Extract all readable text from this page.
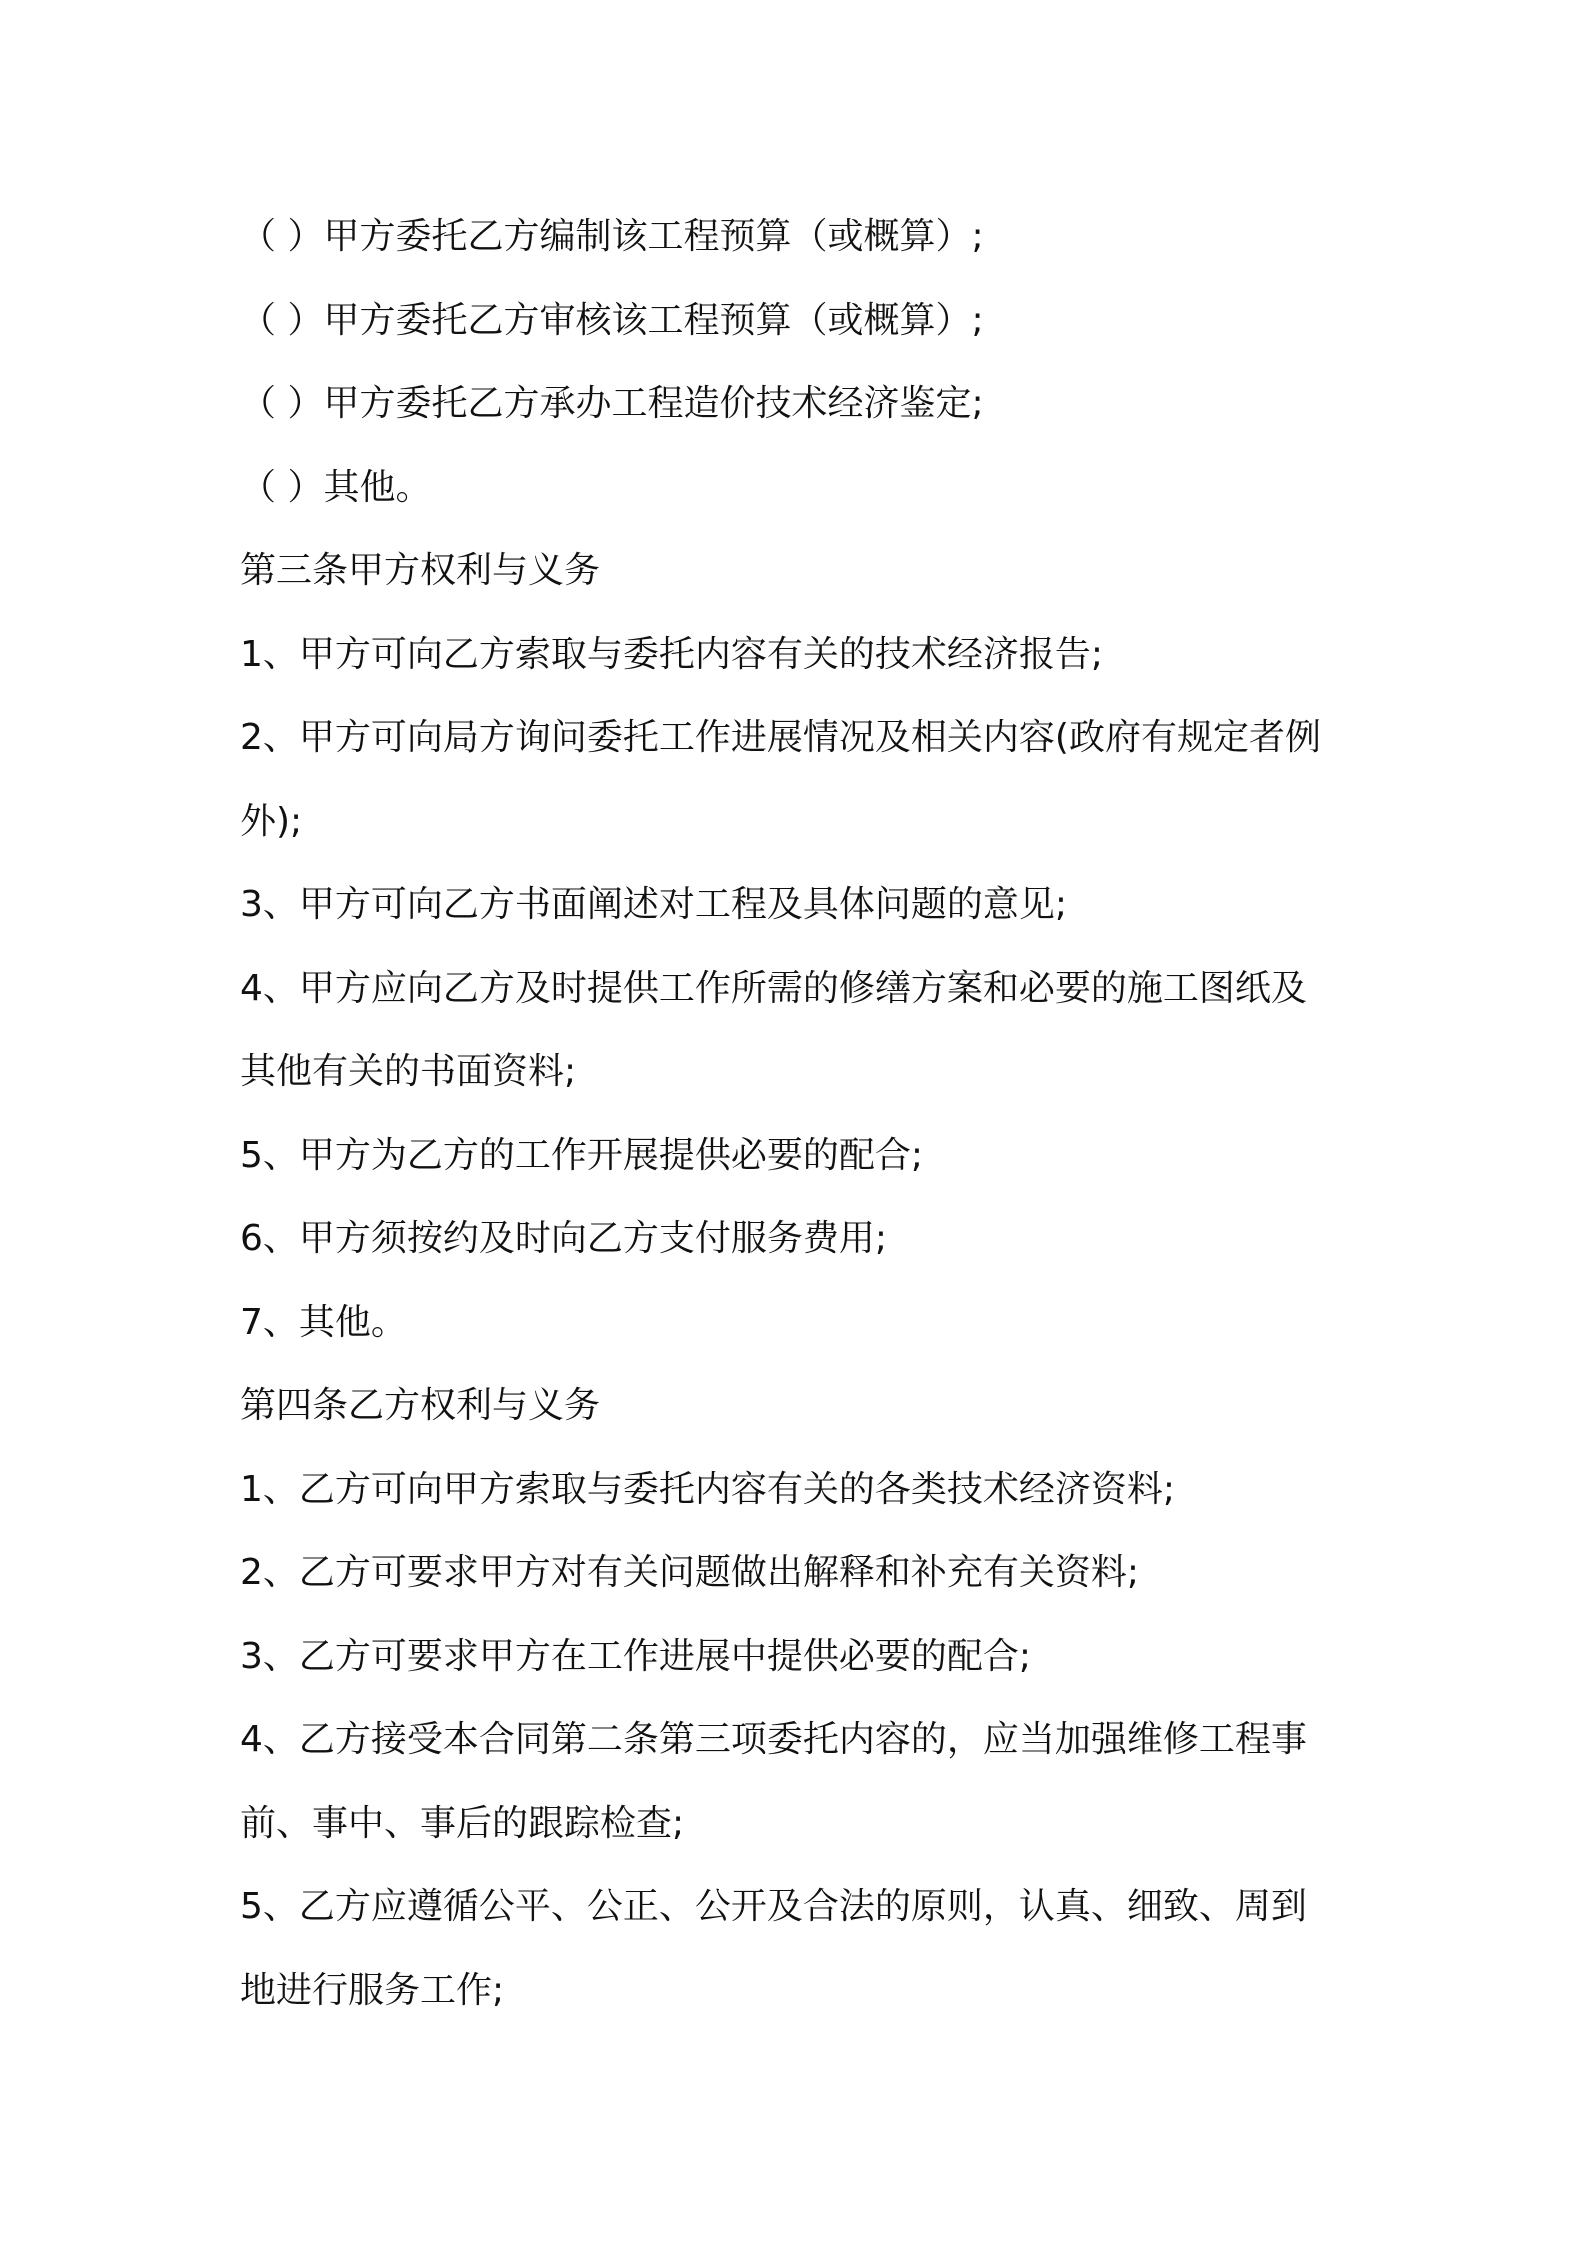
（ ）甲方委托乙方编制该工程预算（或概算）;

（ ）甲方委托乙方审核该工程预算（或概算）;

（ ）甲方委托乙方承办工程造价技术经济鉴定;

（ ）其他。

第三条甲方权利与义务

1、甲方可向乙方索取与委托内容有关的技术经济报告;

2、甲方可向局方询问委托工作进展情况及相关内容(政府有规定者例

外);

3、甲方可向乙方书面阐述对工程及具体问题的意见;

4、甲方应向乙方及时提供工作所需的修缮方案和必要的施工图纸及

其他有关的书面资料;

5、甲方为乙方的工作开展提供必要的配合;

6、甲方须按约及时向乙方支付服务费用;

7、其他。

第四条乙方权利与义务

1、乙方可向甲方索取与委托内容有关的各类技术经济资料;

2、乙方可要求甲方对有关问题做出解释和补充有关资料;

3、乙方可要求甲方在工作进展中提供必要的配合;

4、乙方接受本合同第二条第三项委托内容的，应当加强维修工程事

前、事中、事后的跟踪检查;

5、乙方应遵循公平、公正、公开及合法的原则，认真、细致、周到

地进行服务工作;
